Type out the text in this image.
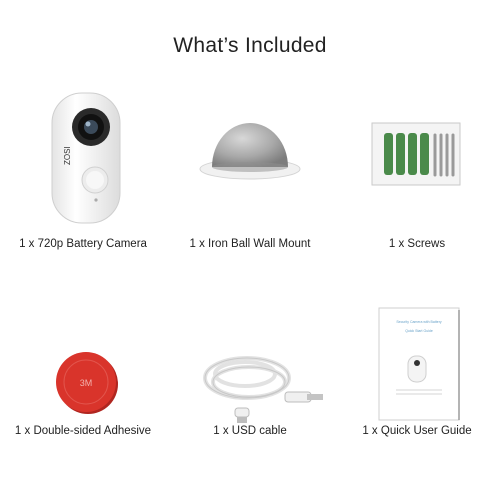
What’s Included
ZOSI
1 x 720p Battery Camera	1 x Iron Ball Wall Mount	1 x Screws
3M
1 x Double-sided Adhesive	1 x USD cable
Security Camera with Battery
Quick Start Guide
1 x Quick User Guide
